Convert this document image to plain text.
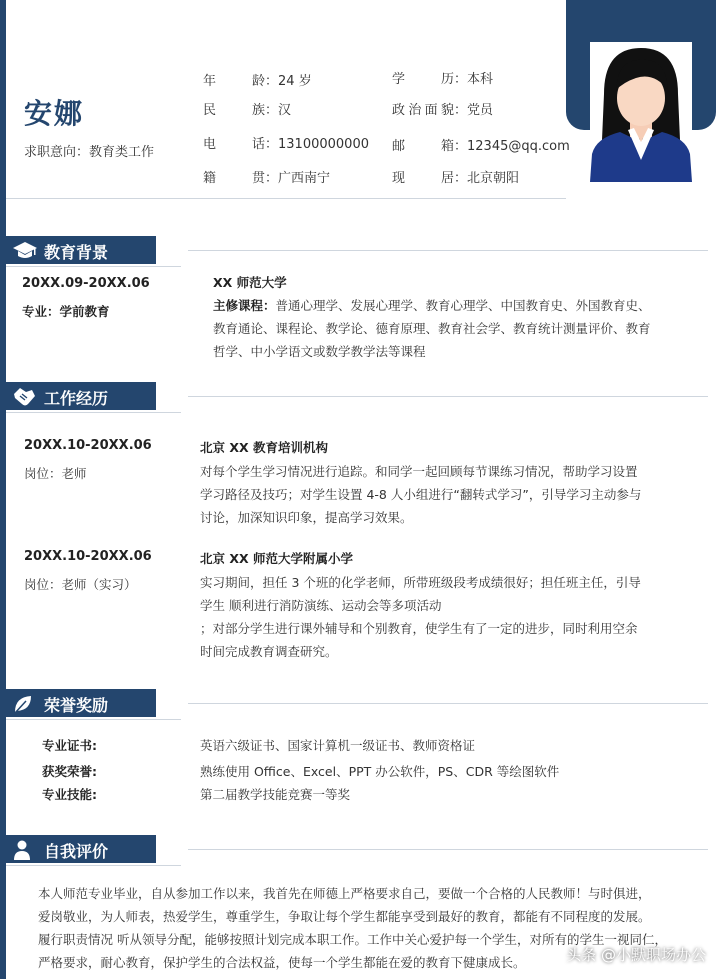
安娜
求职意向：教育类工作
年　　龄：24 岁	学　　历：本科
民　　族：汉	政治面貌：党员
电　　话：13100000000 邮　　箱：12345@qq.com
籍　　贯：广西南宁	现　　居：北京朝阳
教育背景
20XX.09-20XX.06
专业：学前教育
XX 师范大学
主修课程：普通心理学、发展心理学、教育心理学、中国教育史、外国教育史、
教育通论、课程论、教学论、德育原理、教育社会学、教育统计测量评价、教育
哲学、中小学语文或数学教学法等课程
工作经历
20XX.10-20XX.06
岗位：老师
北京 XX 教育培训机构
对每个学生学习情况进行追踪。和同学一起回顾每节课练习情况，帮助学习设置
学习路径及技巧；对学生设置 4-8 人小组进行“翻转式学习”，引导学习主动参与
讨论，加深知识印象，提高学习效果。
20XX.10-20XX.06
岗位：老师（实习）
北京 XX 师范大学附属小学
实习期间，担任 3 个班的化学老师，所带班级段考成绩很好；担任班主任，引导
学生 顺利进行消防演练、运动会等多项活动
；对部分学生进行课外辅导和个别教育，使学生有了一定的进步，同时利用空余
时间完成教育调查研究。
荣誉奖励
专业证书:	英语六级证书、国家计算机一级证书、教师资格证
获奖荣誉:	熟练使用 Office、Excel、PPT 办公软件，PS、CDR 等绘图软件
专业技能:	第二届教学技能竞赛一等奖
自我评价
本人师范专业毕业，自从参加工作以来，我首先在师德上严格要求自己，要做一个合格的人民教师！与时俱进，
爱岗敬业，为人师表，热爱学生，尊重学生，争取让每个学生都能享受到最好的教育，都能有不同程度的发展。
履行职责情况 听从领导分配，能够按照计划完成本职工作。工作中关心爱护每一个学生，对所有的学生一视同仁，
严格要求，耐心教育，保护学生的合法权益，使每一个学生都能在爱的教育下健康成长。	头条 @小默职场办公
